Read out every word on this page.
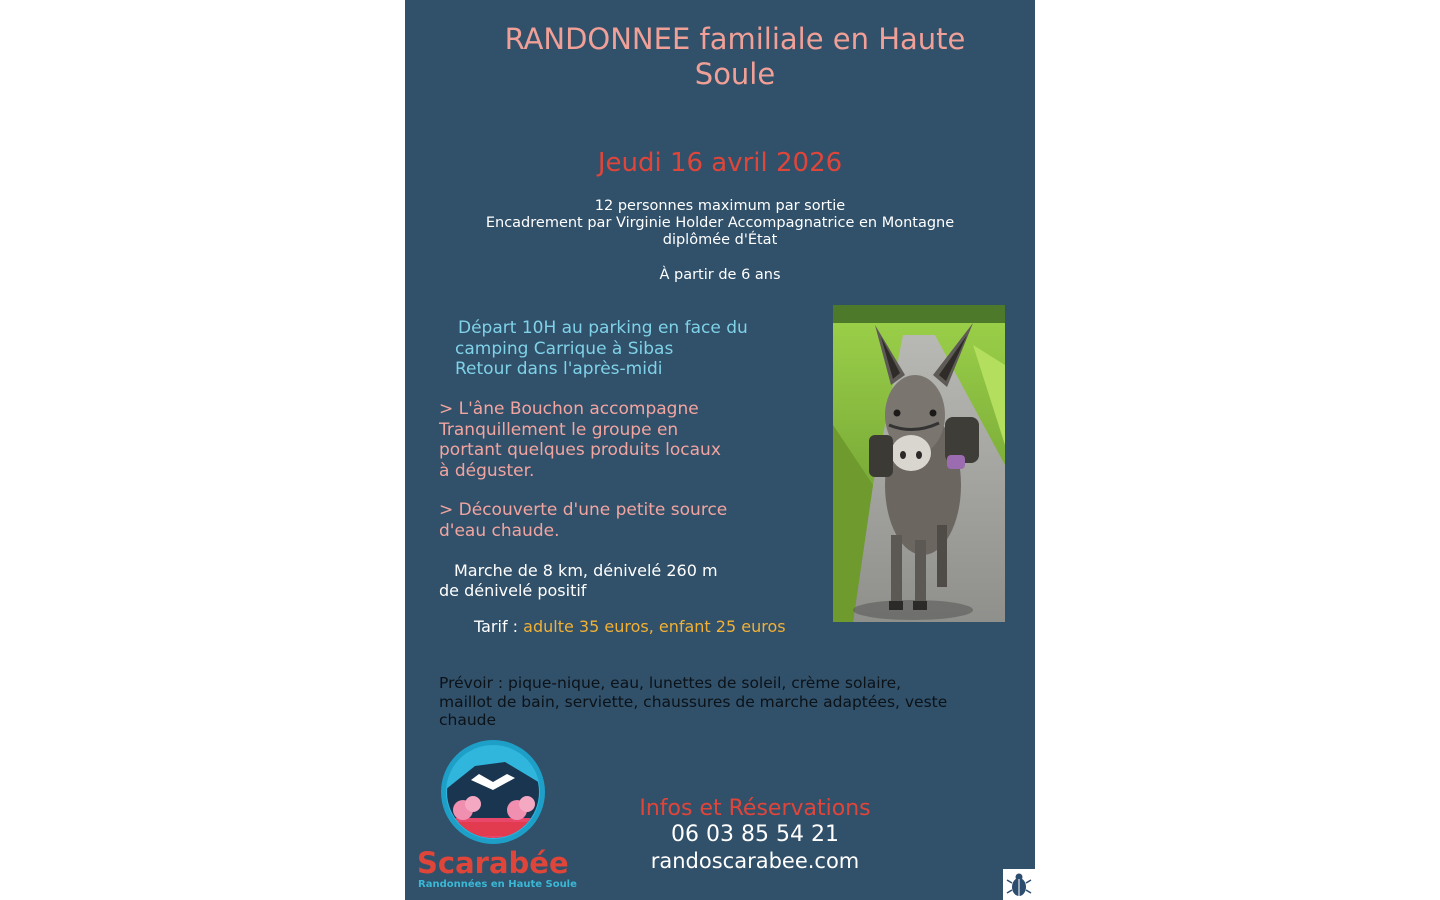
RANDONNEE familiale en Haute
Soule
Jeudi 16 avril 2026
12 personnes maximum par sortie
Encadrement par Virginie Holder Accompagnatrice en Montagne
diplômée d'État
À partir de 6 ans
Départ 10H au parking en face du
camping Carrique à Sibas
Retour dans l'après-midi
> L'âne Bouchon accompagne
Tranquillement le groupe en
portant quelques produits locaux
à déguster.
> Découverte d'une petite source
d'eau chaude.
Marche de 8 km, dénivelé 260 m
de dénivelé positif
Tarif : adulte 35 euros, enfant 25 euros
Prévoir : pique-nique, eau, lunettes de soleil, crème solaire,
maillot de bain, serviette, chaussures de marche adaptées, veste
chaude
Scarabée
Randonnées en Haute Soule
Infos et Réservations
06 03 85 54 21
randoscarabee.com
